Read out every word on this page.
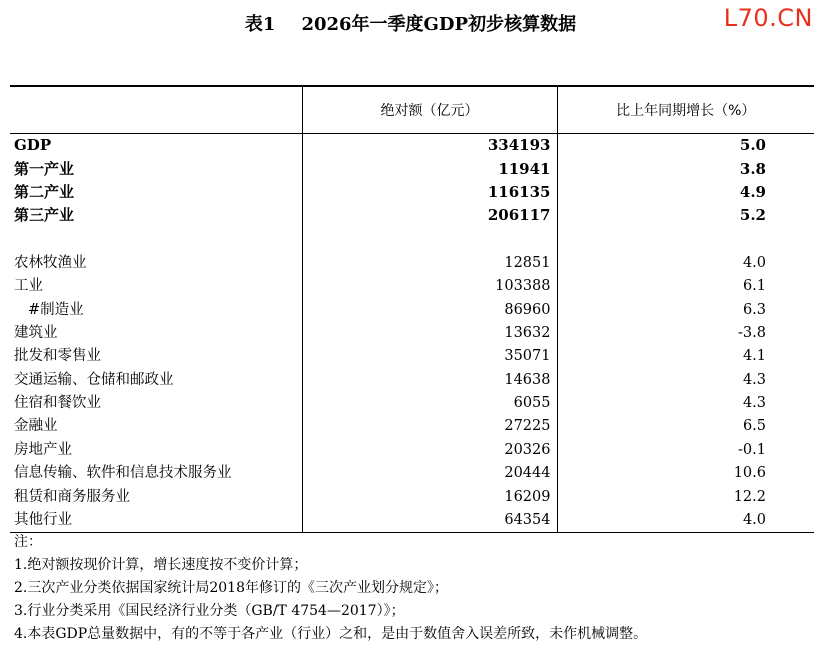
表1 2026年一季度GDP初步核算数据	L70.CN
	绝对额（亿元）	比上年同期增长（%）
GDP	334193	5.0
第一产业	11941	3.8
第二产业	116135	4.9
第三产业	206117	5.2

农林牧渔业	12851	4.0
工业	103388	6.1
#制造业	86960	6.3
建筑业	13632	-3.8
批发和零售业	35071	4.1
交通运输、仓储和邮政业	14638	4.3
住宿和餐饮业	6055	4.3
金融业	27225	6.5
房地产业	20326	-0.1
信息传输、软件和信息技术服务业	20444	10.6
租赁和商务服务业	16209	12.2
其他行业	64354	4.0
注：
1.绝对额按现价计算，增长速度按不变价计算；
2.三次产业分类依据国家统计局2018年修订的《三次产业划分规定》；
3.行业分类采用《国民经济行业分类（GB/T 4754—2017）》；
4.本表GDP总量数据中，有的不等于各产业（行业）之和，是由于数值舍入误差所致，未作机械调整。
